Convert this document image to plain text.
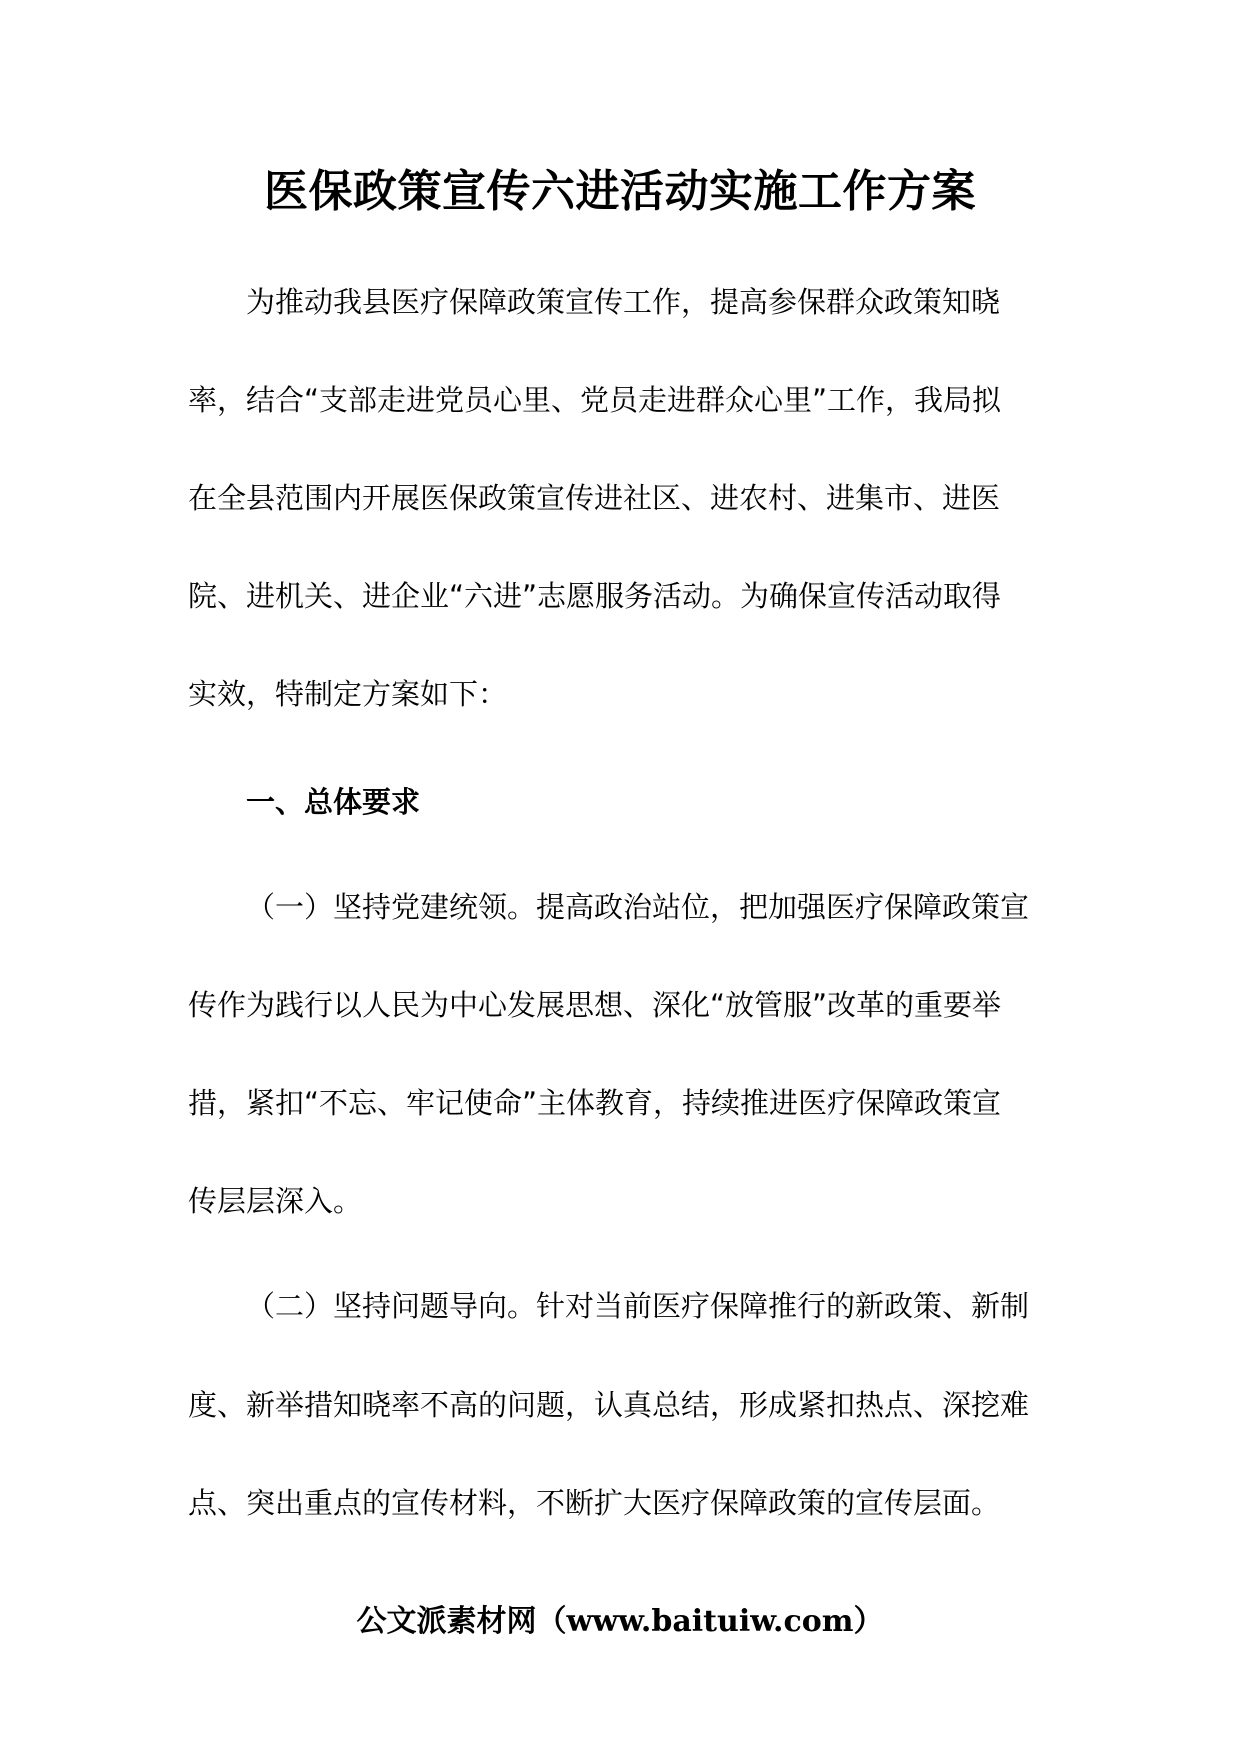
医保政策宣传六进活动实施工作方案
为推动我县医疗保障政策宣传工作，提高参保群众政策知晓
率，结合“支部走进党员心里、党员走进群众心里”工作，我局拟
在全县范围内开展医保政策宣传进社区、进农村、进集市、进医
院、进机关、进企业“六进”志愿服务活动。为确保宣传活动取得
实效，特制定方案如下：
一、总体要求
（一）坚持党建统领。提高政治站位，把加强医疗保障政策宣
传作为践行以人民为中心发展思想、深化“放管服”改革的重要举
措，紧扣“不忘、牢记使命”主体教育，持续推进医疗保障政策宣
传层层深入。
（二）坚持问题导向。针对当前医疗保障推行的新政策、新制
度、新举措知晓率不高的问题，认真总结，形成紧扣热点、深挖难
点、突出重点的宣传材料，不断扩大医疗保障政策的宣传层面。
公文派素材网（www.baituiw.com）
